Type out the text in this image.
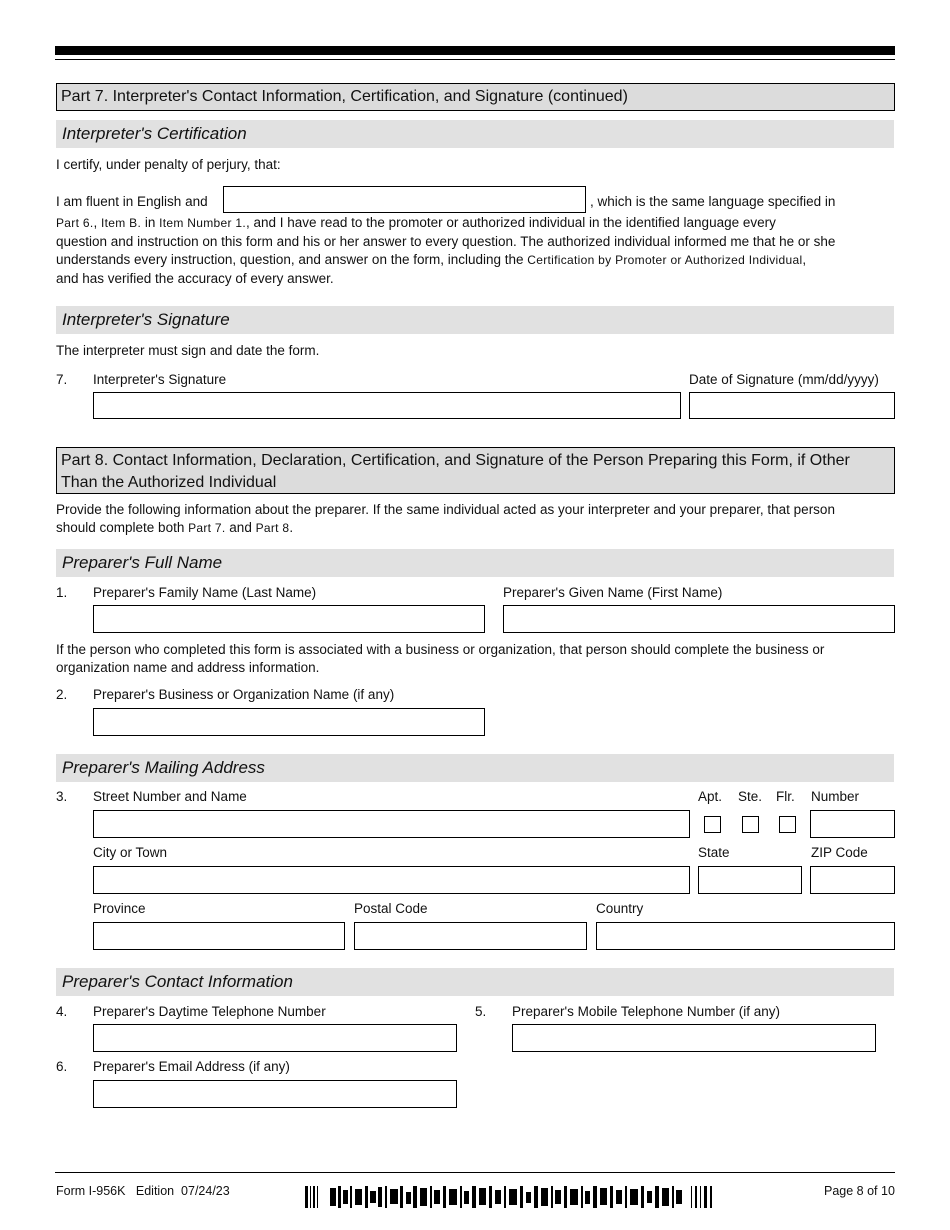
Part 7. Interpreter's Contact Information, Certification, and Signature (continued)
Interpreter's Certification
I certify, under penalty of perjury, that:
I am fluent in English and	, which is the same language specified in
Part 6., Item B. in Item Number 1., and I have read to the promoter or authorized individual in the identified language every
question and instruction on this form and his or her answer to every question. The authorized individual informed me that he or she
understands every instruction, question, and answer on the form, including the Certification by Promoter or Authorized Individual,
and has verified the accuracy of every answer.
Interpreter's Signature
The interpreter must sign and date the form.
7. Interpreter's Signature	Date of Signature (mm/dd/yyyy)
Part 8. Contact Information, Declaration, Certification, and Signature of the Person Preparing this Form, if Other Than the Authorized Individual
Provide the following information about the preparer. If the same individual acted as your interpreter and your preparer, that person
should complete both Part 7. and Part 8.
Preparer's Full Name
1. Preparer's Family Name (Last Name)	Preparer's Given Name (First Name)
If the person who completed this form is associated with a business or organization, that person should complete the business or
organization name and address information.
2. Preparer's Business or Organization Name (if any)
Preparer's Mailing Address
3. Street Number and Name	Apt. Ste. Flr. Number
City or Town	State	ZIP Code
Province	Postal Code	Country
Preparer's Contact Information
4. Preparer's Daytime Telephone Number	5. Preparer's Mobile Telephone Number (if any)
6. Preparer's Email Address (if any)
Form I-956K   Edition  07/24/23	Page 8 of 10
